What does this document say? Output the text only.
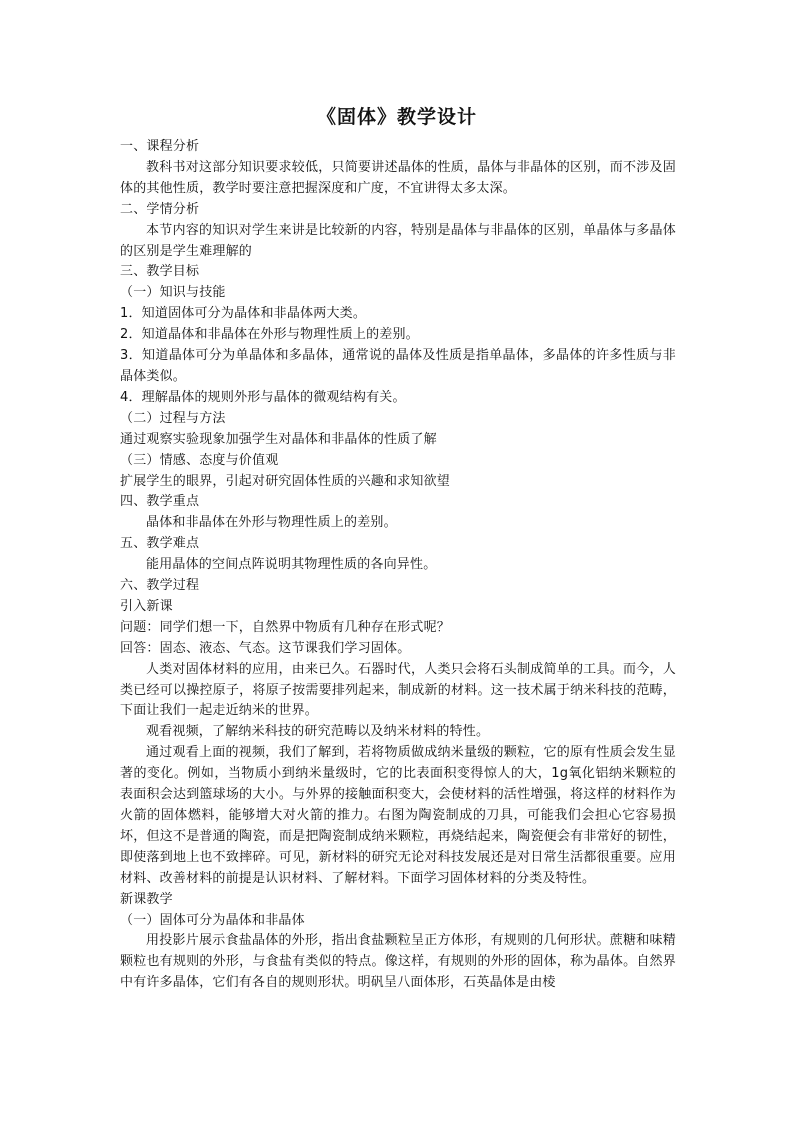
《固体》教学设计

一、课程分析

教科书对这部分知识要求较低，只简要讲述晶体的性质，晶体与非晶体的区别，而不涉及固体的其他性质，教学时要注意把握深度和广度，不宜讲得太多太深。

二、学情分析

本节内容的知识对学生来讲是比较新的内容，特别是晶体与非晶体的区别，单晶体与多晶体的区别是学生难理解的

三、教学目标

（一）知识与技能

1．知道固体可分为晶体和非晶体两大类。

2．知道晶体和非晶体在外形与物理性质上的差别。

3．知道晶体可分为单晶体和多晶体，通常说的晶体及性质是指单晶体，多晶体的许多性质与非晶体类似。

4．理解晶体的规则外形与晶体的微观结构有关。

（二）过程与方法

通过观察实验现象加强学生对晶体和非晶体的性质了解

（三）情感、态度与价值观

扩展学生的眼界，引起对研究固体性质的兴趣和求知欲望

四、教学重点

晶体和非晶体在外形与物理性质上的差别。

五、教学难点

能用晶体的空间点阵说明其物理性质的各向异性。

六、教学过程

引入新课

问题：同学们想一下，自然界中物质有几种存在形式呢？

回答：固态、液态、气态。这节课我们学习固体。

人类对固体材料的应用，由来已久。石器时代，人类只会将石头制成简单的工具。而今，人类已经可以操控原子，将原子按需要排列起来，制成新的材料。这一技术属于纳米科技的范畴，下面让我们一起走近纳米的世界。

观看视频，了解纳米科技的研究范畴以及纳米材料的特性。

通过观看上面的视频，我们了解到，若将物质做成纳米量级的颗粒，它的原有性质会发生显著的变化。例如，当物质小到纳米量级时，它的比表面积变得惊人的大，1g氧化铝纳米颗粒的表面积会达到篮球场的大小。与外界的接触面积变大，会使材料的活性增强，将这样的材料作为火箭的固体燃料，能够增大对火箭的推力。右图为陶瓷制成的刀具，可能我们会担心它容易损坏，但这不是普通的陶瓷，而是把陶瓷制成纳米颗粒，再烧结起来，陶瓷便会有非常好的韧性，即使落到地上也不致摔碎。可见，新材料的研究无论对科技发展还是对日常生活都很重要。应用材料、改善材料的前提是认识材料、了解材料。下面学习固体材料的分类及特性。

新课教学

（一）固体可分为晶体和非晶体

用投影片展示食盐晶体的外形，指出食盐颗粒呈正方体形，有规则的几何形状。蔗糖和味精颗粒也有规则的外形，与食盐有类似的特点。像这样，有规则的外形的固体，称为晶体。自然界中有许多晶体，它们有各自的规则形状。明矾呈八面体形，石英晶体是由棱
